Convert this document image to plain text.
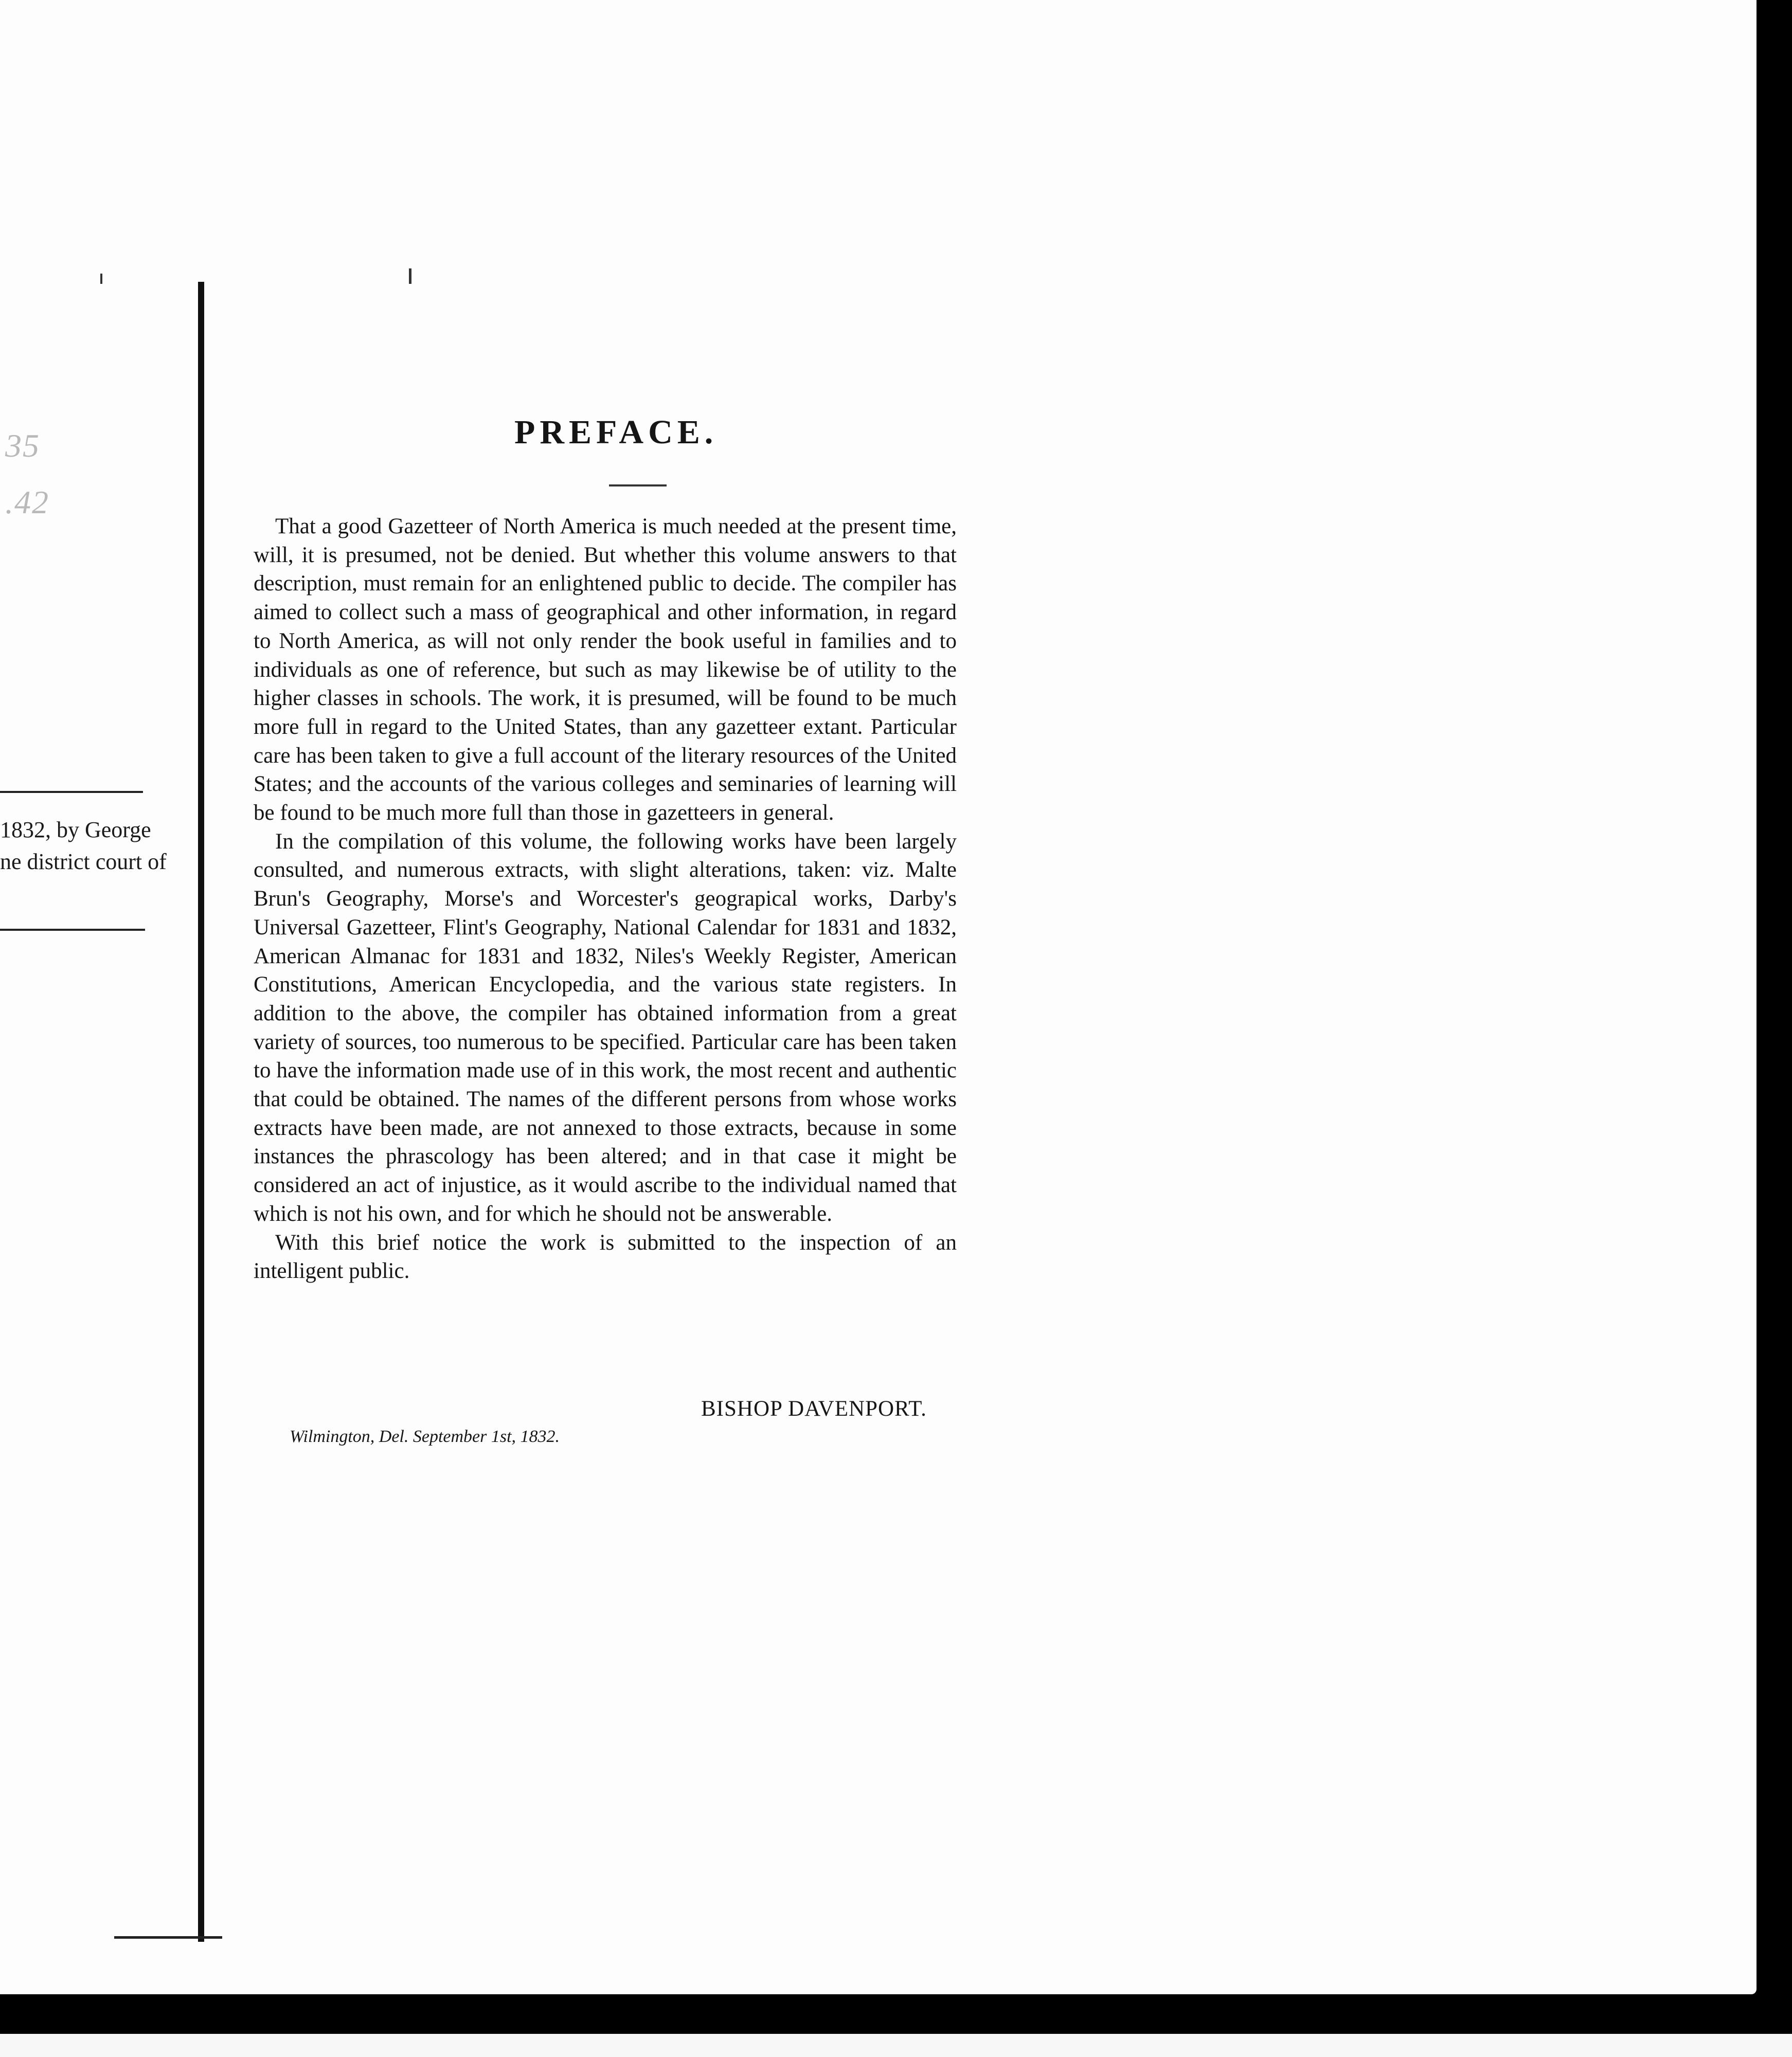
35
.42
1832, by George
ne district court of
PREFACE.

That a good Gazetteer of North America is much needed at the present time, will, it is presumed, not be denied. But whether this volume answers to that description, must remain for an enlightened public to decide. The compiler has aimed to collect such a mass of geographical and other information, in regard to North America, as will not only render the book useful in families and to individuals as one of reference, but such as may likewise be of utility to the higher classes in schools. The work, it is presumed, will be found to be much more full in regard to the United States, than any gazetteer extant. Particular care has been taken to give a full account of the literary resources of the United States; and the accounts of the various colleges and seminaries of learning will be found to be much more full than those in gazetteers in general.

In the compilation of this volume, the following works have been largely consulted, and numerous extracts, with slight alterations, taken: viz. Malte Brun's Geography, Morse's and Worcester's geograpical works, Darby's Universal Gazetteer, Flint's Geography, National Calendar for 1831 and 1832, American Almanac for 1831 and 1832, Niles's Weekly Register, American Constitutions, American Encyclopedia, and the various state registers. In addition to the above, the compiler has obtained information from a great variety of sources, too numerous to be specified. Particular care has been taken to have the information made use of in this work, the most recent and authentic that could be obtained. The names of the different persons from whose works extracts have been made, are not annexed to those extracts, because in some instances the phrascology has been altered; and in that case it might be considered an act of injustice, as it would ascribe to the individual named that which is not his own, and for which he should not be answerable.

With this brief notice the work is submitted to the inspection of an intelligent public.

BISHOP DAVENPORT.
Wilmington, Del. September 1st, 1832.
